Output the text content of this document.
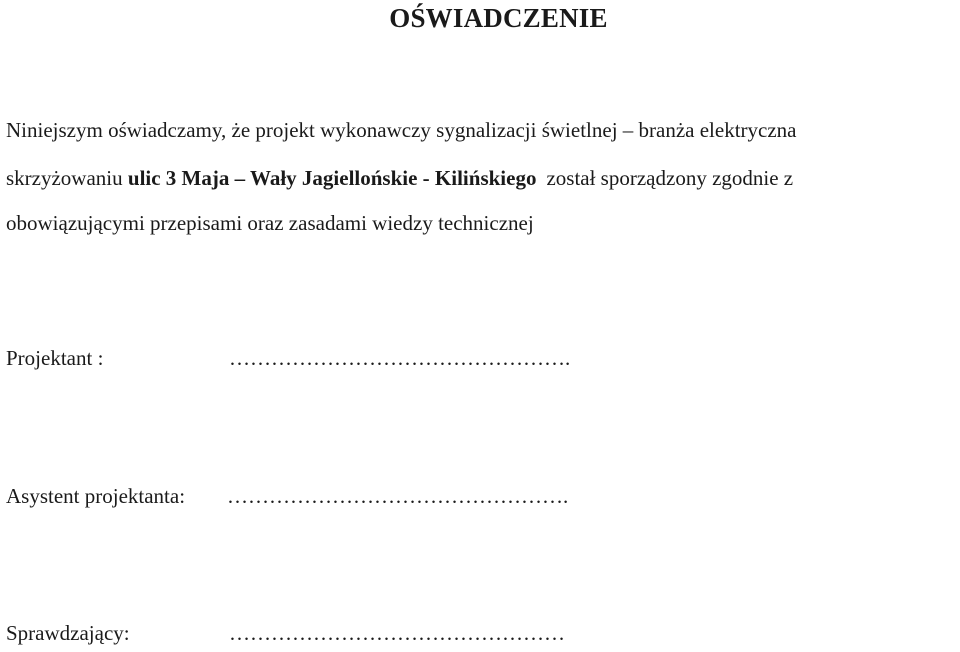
OŚWIADCZENIE
Niniejszym oświadczamy, że projekt wykonawczy sygnalizacji świetlnej – branża elektryczna
skrzyżowaniu ulic 3 Maja – Wały Jagiellońskie - Kilińskiego został sporządzony zgodnie z
obowiązującymi przepisami oraz zasadami wiedzy technicznej
Projektant :	………………………………………….
Asystent projektanta: ………………………………………….
Sprawdzający:	…………………………………………
